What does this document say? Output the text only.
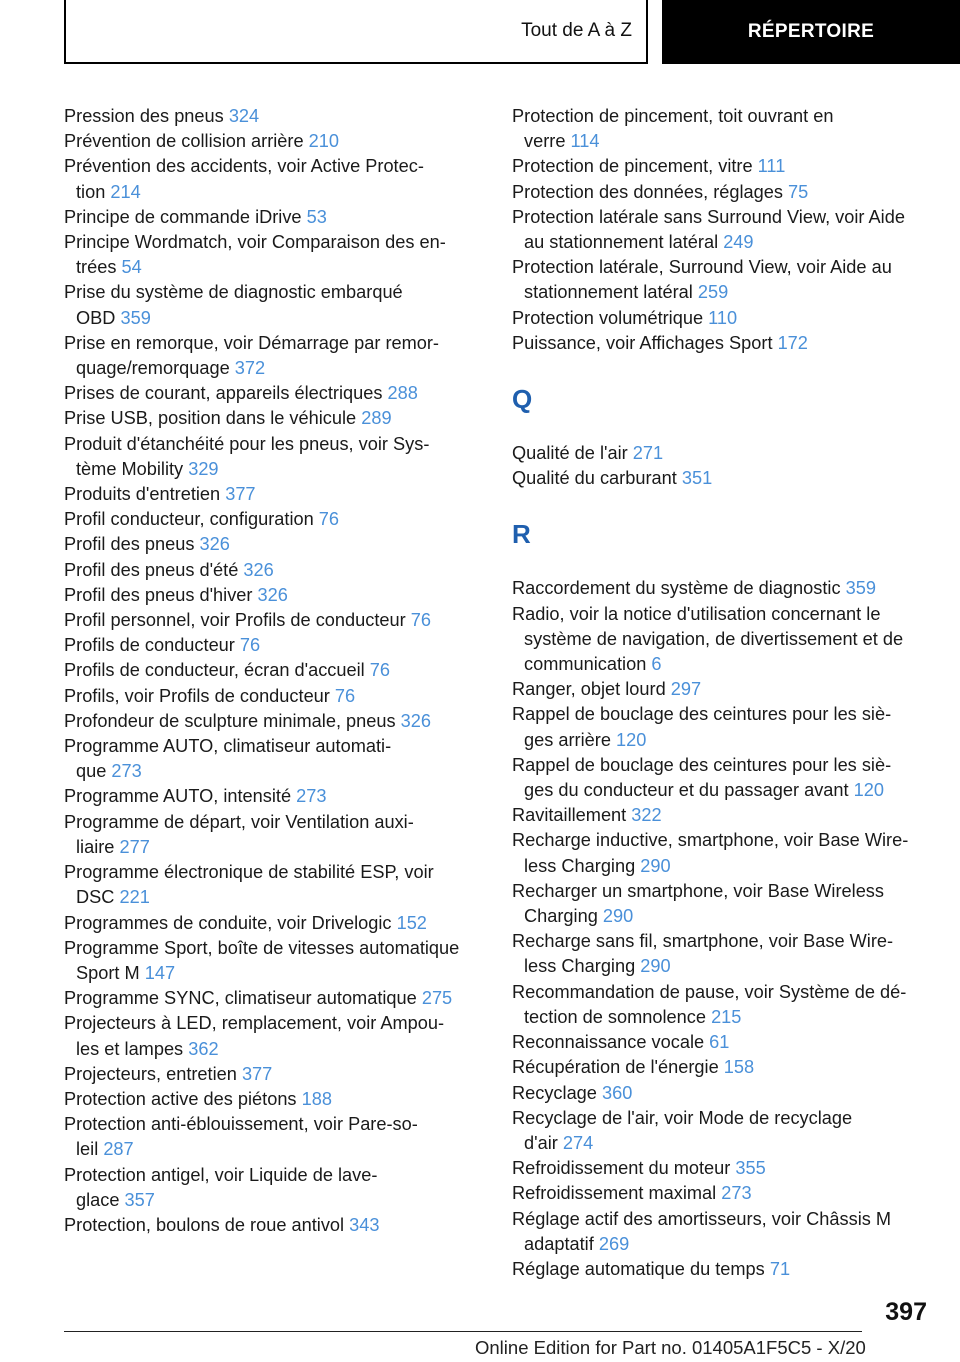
Tout de A à Z	RÉPERTOIRE
Pression des pneus 324
Prévention de collision arrière 210
Prévention des accidents, voir Active Protec-
tion 214
Principe de commande iDrive 53
Principe Wordmatch, voir Comparaison des en-
trées 54
Prise du système de diagnostic embarqué
OBD 359
Prise en remorque, voir Démarrage par remor-
quage/remorquage 372
Prises de courant, appareils électriques 288
Prise USB, position dans le véhicule 289
Produit d'étanchéité pour les pneus, voir Sys-
tème Mobility 329
Produits d'entretien 377
Profil conducteur, configuration 76
Profil des pneus 326
Profil des pneus d'été 326
Profil des pneus d'hiver 326
Profil personnel, voir Profils de conducteur 76
Profils de conducteur 76
Profils de conducteur, écran d'accueil 76
Profils, voir Profils de conducteur 76
Profondeur de sculpture minimale, pneus 326
Programme AUTO, climatiseur automati-
que 273
Programme AUTO, intensité 273
Programme de départ, voir Ventilation auxi-
liaire 277
Programme électronique de stabilité ESP, voir
DSC 221
Programmes de conduite, voir Drivelogic 152
Programme Sport, boîte de vitesses automatique
Sport M 147
Programme SYNC, climatiseur automatique 275
Projecteurs à LED, remplacement, voir Ampou-
les et lampes 362
Projecteurs, entretien 377
Protection active des piétons 188
Protection anti-éblouissement, voir Pare-so-
leil 287
Protection antigel, voir Liquide de lave-
glace 357
Protection, boulons de roue antivol 343
Protection de pincement, toit ouvrant en
verre 114
Protection de pincement, vitre 111
Protection des données, réglages 75
Protection latérale sans Surround View, voir Aide
au stationnement latéral 249
Protection latérale, Surround View, voir Aide au
stationnement latéral 259
Protection volumétrique 110
Puissance, voir Affichages Sport 172
Q
Qualité de l'air 271
Qualité du carburant 351
R
Raccordement du système de diagnostic 359
Radio, voir la notice d'utilisation concernant le
système de navigation, de divertissement et de
communication 6
Ranger, objet lourd 297
Rappel de bouclage des ceintures pour les siè-
ges arrière 120
Rappel de bouclage des ceintures pour les siè-
ges du conducteur et du passager avant 120
Ravitaillement 322
Recharge inductive, smartphone, voir Base Wire-
less Charging 290
Recharger un smartphone, voir Base Wireless
Charging 290
Recharge sans fil, smartphone, voir Base Wire-
less Charging 290
Recommandation de pause, voir Système de dé-
tection de somnolence 215
Reconnaissance vocale 61
Récupération de l'énergie 158
Recyclage 360
Recyclage de l'air, voir Mode de recyclage
d'air 274
Refroidissement du moteur 355
Refroidissement maximal 273
Réglage actif des amortisseurs, voir Châssis M
adaptatif 269
Réglage automatique du temps 71
397
Online Edition for Part no. 01405A1F5C5 - X/20
